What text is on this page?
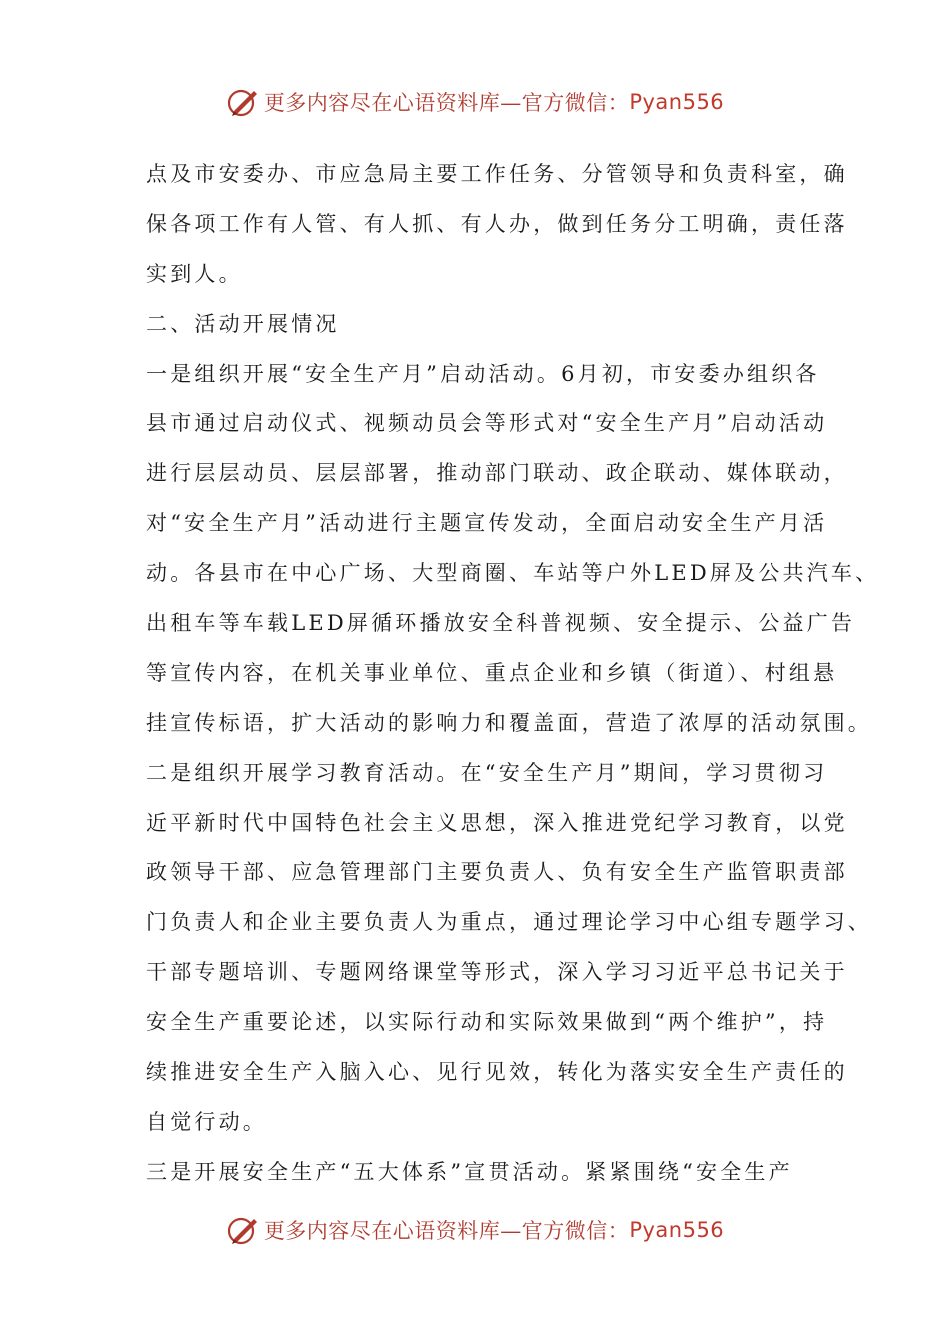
更多内容尽在心语资料库—官方微信： Pyan556
点及市安委办、市应急局主要工作任务、分管领导和负责科室，确
保各项工作有人管、有人抓、有人办，做到任务分工明确，责任落
实到人。
二、活动开展情况
一是组织开展“安全生产月”启动活动。6月初，市安委办组织各
县市通过启动仪式、视频动员会等形式对“安全生产月”启动活动
进行层层动员、层层部署，推动部门联动、政企联动、媒体联动，
对“安全生产月”活动进行主题宣传发动，全面启动安全生产月活
动。各县市在中心广场、大型商圈、车站等户外LED屏及公共汽车、
出租车等车载LED屏循环播放安全科普视频、安全提示、公益广告
等宣传内容，在机关事业单位、重点企业和乡镇（街道）、村组悬
挂宣传标语，扩大活动的影响力和覆盖面，营造了浓厚的活动氛围。
二是组织开展学习教育活动。在“安全生产月”期间，学习贯彻习
近平新时代中国特色社会主义思想，深入推进党纪学习教育，以党
政领导干部、应急管理部门主要负责人、负有安全生产监管职责部
门负责人和企业主要负责人为重点，通过理论学习中心组专题学习、
干部专题培训、专题网络课堂等形式，深入学习习近平总书记关于
安全生产重要论述，以实际行动和实际效果做到“两个维护”，持
续推进安全生产入脑入心、见行见效，转化为落实安全生产责任的
自觉行动。
三是开展安全生产“五大体系”宣贯活动。紧紧围绕“安全生产
更多内容尽在心语资料库—官方微信： Pyan556
